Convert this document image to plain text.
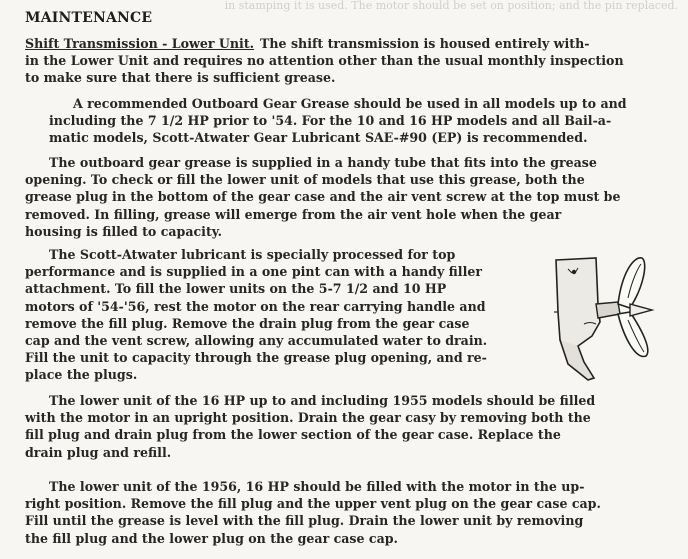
in stamping it is used. The motor should be set on position; and the pin replaced.
MAINTENANCE
Shift Transmission - Lower Unit. The shift transmission is housed entirely with-
in the Lower Unit and requires no attention other than the usual monthly inspection
to make sure that there is sufficient grease.
A recommended Outboard Gear Grease should be used in all models up to and
including the 7 1/2 HP prior to '54. For the 10 and 16 HP models and all Bail-a-
matic models, Scott-Atwater Gear Lubricant SAE-#90 (EP) is recommended.
The outboard gear grease is supplied in a handy tube that fits into the grease
opening. To check or fill the lower unit of models that use this grease, both the
grease plug in the bottom of the gear case and the air vent screw at the top must be
removed. In filling, grease will emerge from the air vent hole when the gear
housing is filled to capacity.
The Scott-Atwater lubricant is specially processed for top
performance and is supplied in a one pint can with a handy filler
attachment. To fill the lower units on the 5-7 1/2 and 10 HP
motors of '54-'56, rest the motor on the rear carrying handle and
remove the fill plug. Remove the drain plug from the gear case
cap and the vent screw, allowing any accumulated water to drain.
Fill the unit to capacity through the grease plug opening, and re-
place the plugs.
The lower unit of the 16 HP up to and including 1955 models should be filled
with the motor in an upright position. Drain the gear casy by removing both the
fill plug and drain plug from the lower section of the gear case. Replace the
drain plug and refill.
The lower unit of the 1956, 16 HP should be filled with the motor in the up-
right position. Remove the fill plug and the upper vent plug on the gear case cap.
Fill until the grease is level with the fill plug. Drain the lower unit by removing
the fill plug and the lower plug on the gear case cap.
